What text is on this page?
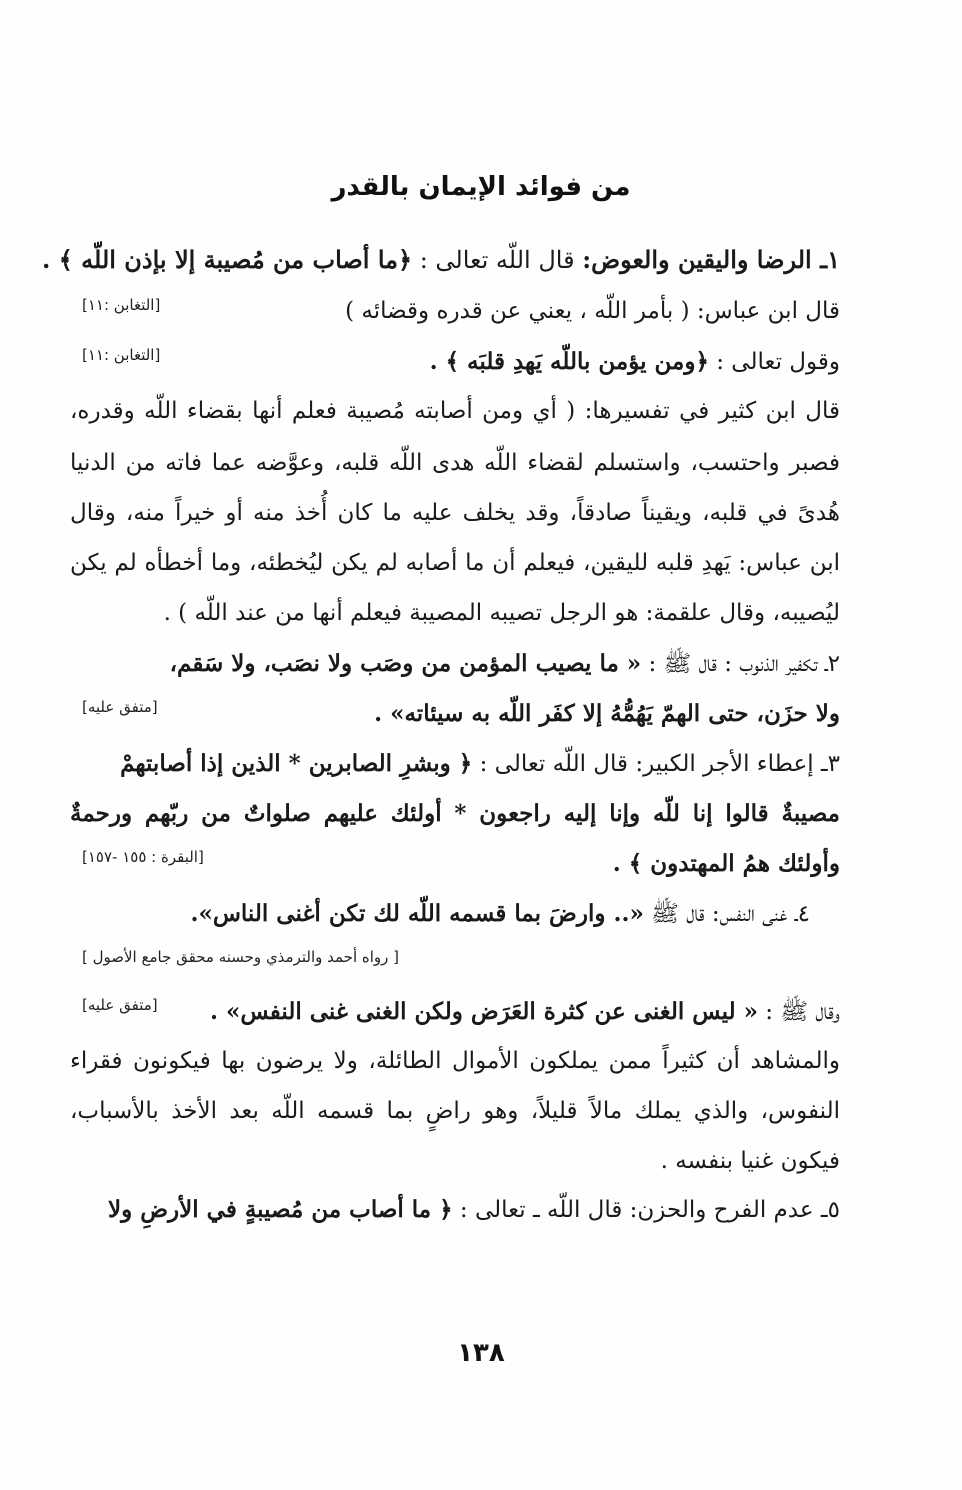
من فوائد الإيمان بالقدر
١ـ الرضا واليقين والعوض: قال اللّه تعالى : ﴿ما أصاب من مُصيبة إلا بإذن اللّه ﴾ .
قال ابن عباس: ( بأمر اللّه ، يعني عن قدره وقضائه )
[التغابن :١١]
وقول تعالى : ﴿ومن يؤمن باللّه يَهدِ قلبَه ﴾ .
[التغابن :١١]
قال ابن كثير في تفسيرها: ( أي ومن أصابته مُصيبة فعلم أنها بقضاء اللّه وقدره،
فصبر واحتسب، واستسلم لقضاء اللّه هدى اللّه قلبه، وعوَّضه عما فاته من الدنيا
هُدىً في قلبه، ويقيناً صادقاً، وقد يخلف عليه ما كان أُخذ منه أو خيراً منه، وقال
ابن عباس: يَهدِ قلبه لليقين، فيعلم أن ما أصابه لم يكن ليُخطئه، وما أخطأه لم يكن
ليُصيبه، وقال علقمة: هو الرجل تصيبه المصيبة فيعلم أنها من عند اللّه ) .
٢ـ تكفير الذنوب : قال ﷺ : « ما يصيب المؤمن من وصَب ولا نصَب، ولا سَقم،
ولا حزَن، حتى الهمّ يَهُمُّهُ إلا كفَر اللّه به سيئاته» .
[متفق عليه]
٣ـ إعطاء الأجر الكبير: قال اللّه تعالى : ﴿ وبشرِ الصابرين * الذين إذا أصابتهمْ
مصيبةٌ قالوا إنا للّه وإنا إليه راجعون * أولئك عليهم صلواتٌ من ربّهم ورحمةٌ
وأولئك همُ المهتدون ﴾ .
[البقرة : ١٥٥ -١٥٧]
٤ـ غنى النفس: قال ﷺ «.. وارضَ بما قسمه اللّه لك تكن أغنى الناس».
[ رواه أحمد والترمذي وحسنه محقق جامع الأصول ]
وقال ﷺ : « ليس الغنى عن كثرة العَرَض ولكن الغنى غنى النفس» .
[متفق عليه]
والمشاهد أن كثيراً ممن يملكون الأموال الطائلة، ولا يرضون بها فيكونون فقراء
النفوس، والذي يملك مالاً قليلاً، وهو راضٍ بما قسمه اللّه بعد الأخذ بالأسباب،
فيكون غنيا بنفسه .
٥ـ عدم الفرح والحزن: قال اللّه ـ تعالى : ﴿ ما أصاب من مُصيبةٍ في الأرضِ ولا
١٣٨
